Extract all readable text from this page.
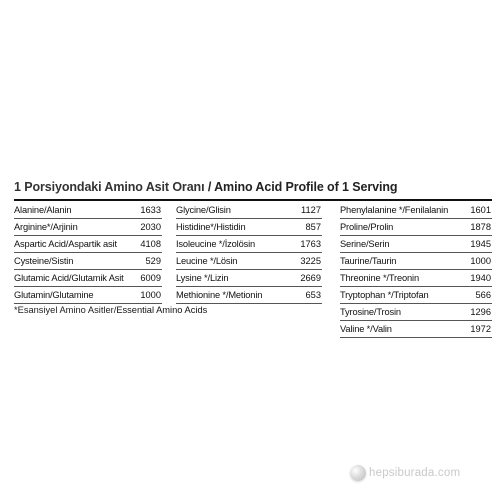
1 Porsiyondaki Amino Asit Oranı / Amino Acid Profile of 1 Serving
Alanine/Alanin	1633
Arginine*/Arjinin	2030
Aspartic Acid/Aspartik asit	4108
Cysteine/Sistin	529
Glutamic Acid/Glutamik Asit 6009
Glutamin/Glutamine	1000
Glycine/Glisin	1127
Histidine*/Histidin	857
Isoleucine */İzolösin	1763
Leucine */Lösin	3225
Lysine */Lizin	2669
Methionine */Metionin	653
Phenylalanine */Fenilalanin 1601
Proline/Prolin	1878
Serine/Serin	1945
Taurine/Taurin	1000
Threonine */Treonin	1940
Tryptophan */Triptofan	566
Tyrosine/Trosin	1296
Valine */Valin	1972
*Esansiyel Amino Asitler/Essential Amino Acids
hepsiburada.com
